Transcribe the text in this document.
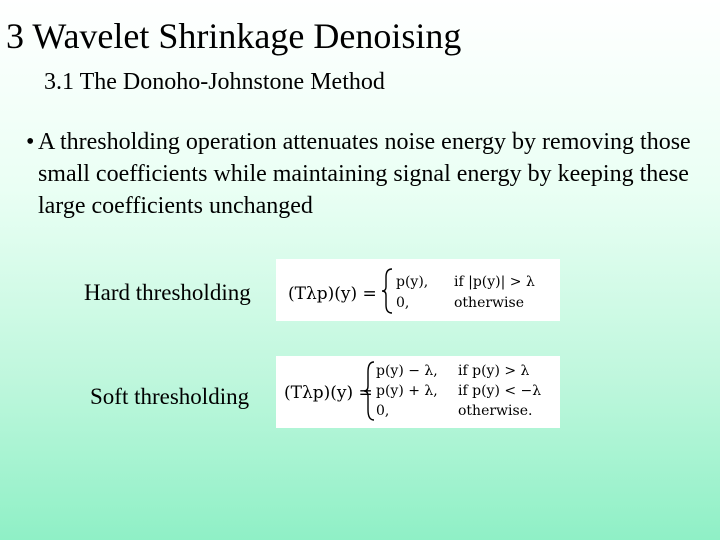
3 Wavelet Shrinkage Denoising
3.1 The Donoho-Johnstone Method
• A thresholding operation attenuates noise energy by removing those small coefficients while maintaining signal energy by keeping these large coefficients unchanged
Hard thresholding (Tλp)(y) =
p(y), if |p(y)| > λ
0,	otherwise
Soft thresholding (Tλp)(y) =
p(y) − λ, if p(y) > λ
p(y) + λ, if p(y) < −λ
0,	otherwise.
